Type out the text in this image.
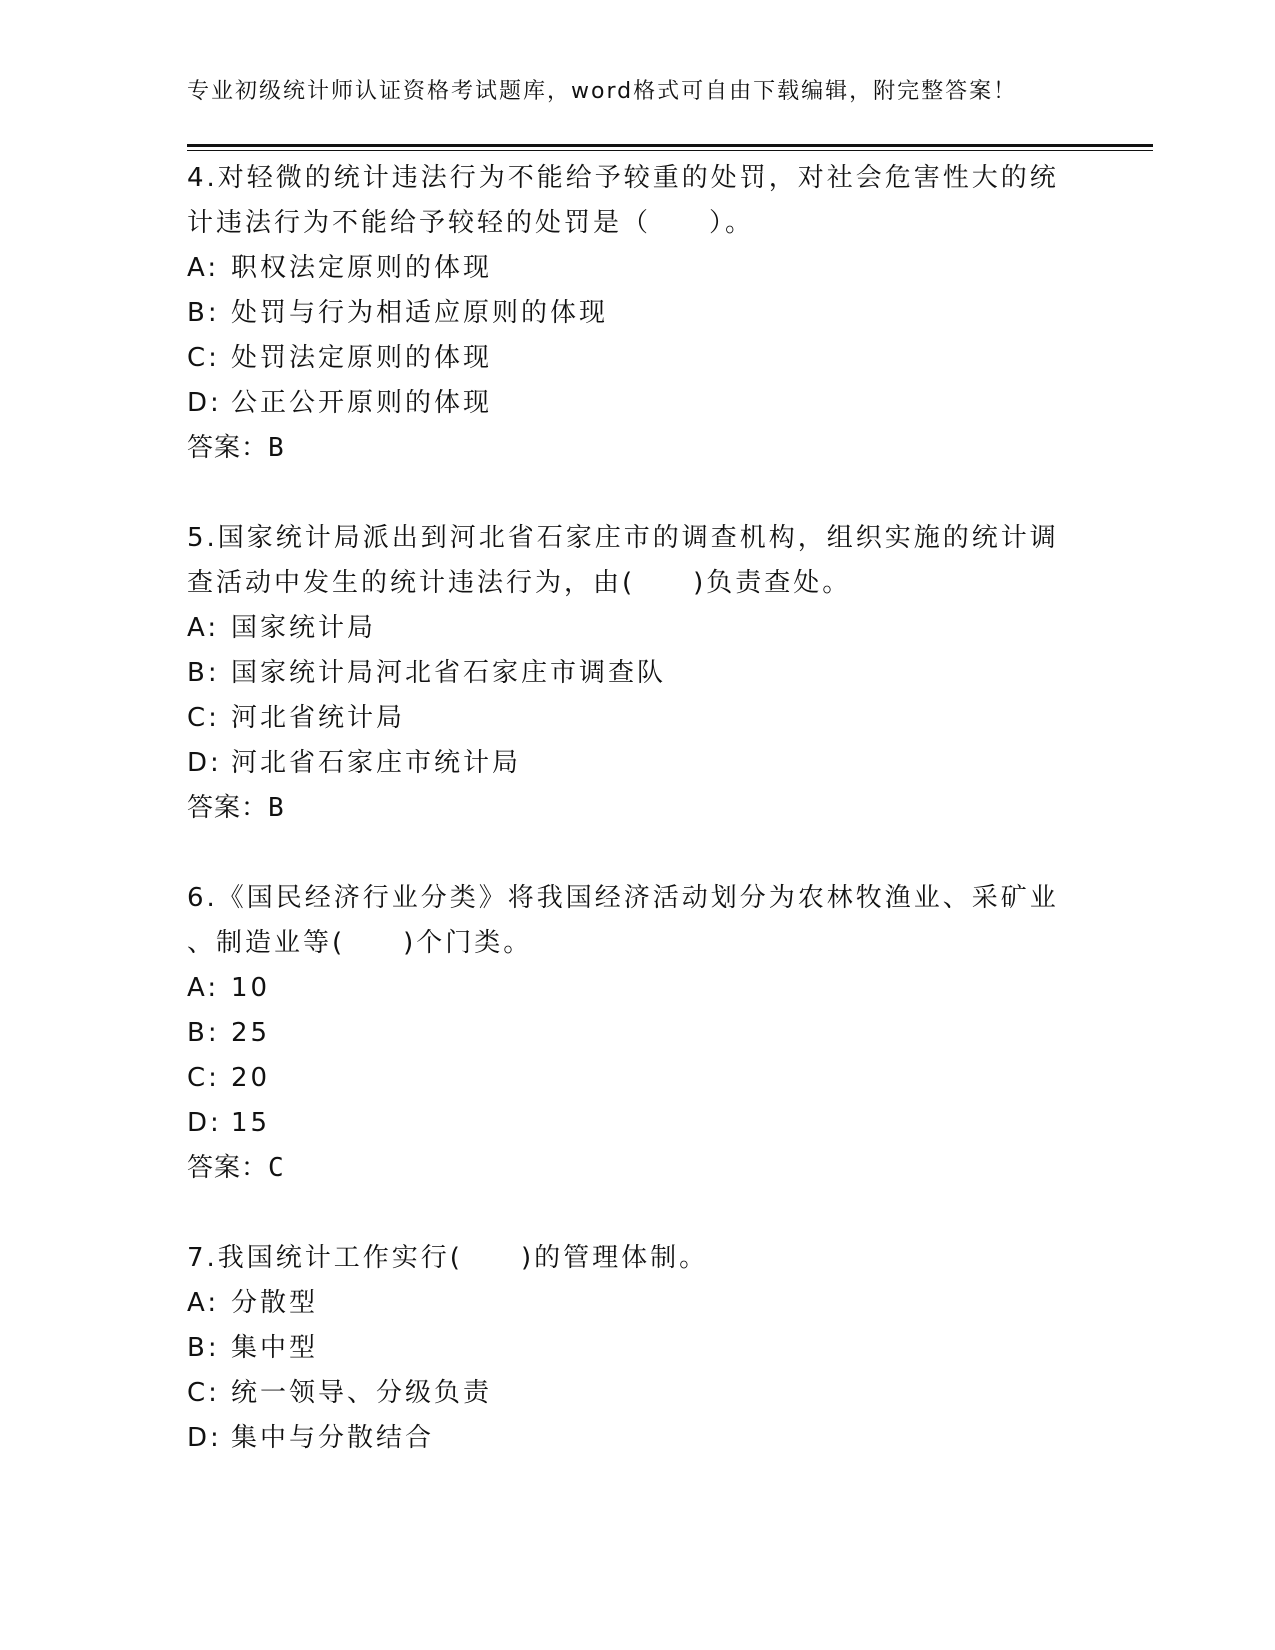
专业初级统计师认证资格考试题库，word格式可自由下载编辑，附完整答案！
4.对轻微的统计违法行为不能给予较重的处罚，对社会危害性大的统
计违法行为不能给予较轻的处罚是（　　）。
A: 职权法定原则的体现
B: 处罚与行为相适应原则的体现
C: 处罚法定原则的体现
D: 公正公开原则的体现
答案：B
5.国家统计局派出到河北省石家庄市的调查机构，组织实施的统计调
查活动中发生的统计违法行为，由(　　)负责查处。
A: 国家统计局
B: 国家统计局河北省石家庄市调查队
C: 河北省统计局
D: 河北省石家庄市统计局
答案：B
6.《国民经济行业分类》将我国经济活动划分为农林牧渔业、采矿业
、制造业等(　　)个门类。
A: 10
B: 25
C: 20
D: 15
答案：C
7.我国统计工作实行(　　)的管理体制。
A: 分散型
B: 集中型
C: 统一领导、分级负责
D: 集中与分散结合
